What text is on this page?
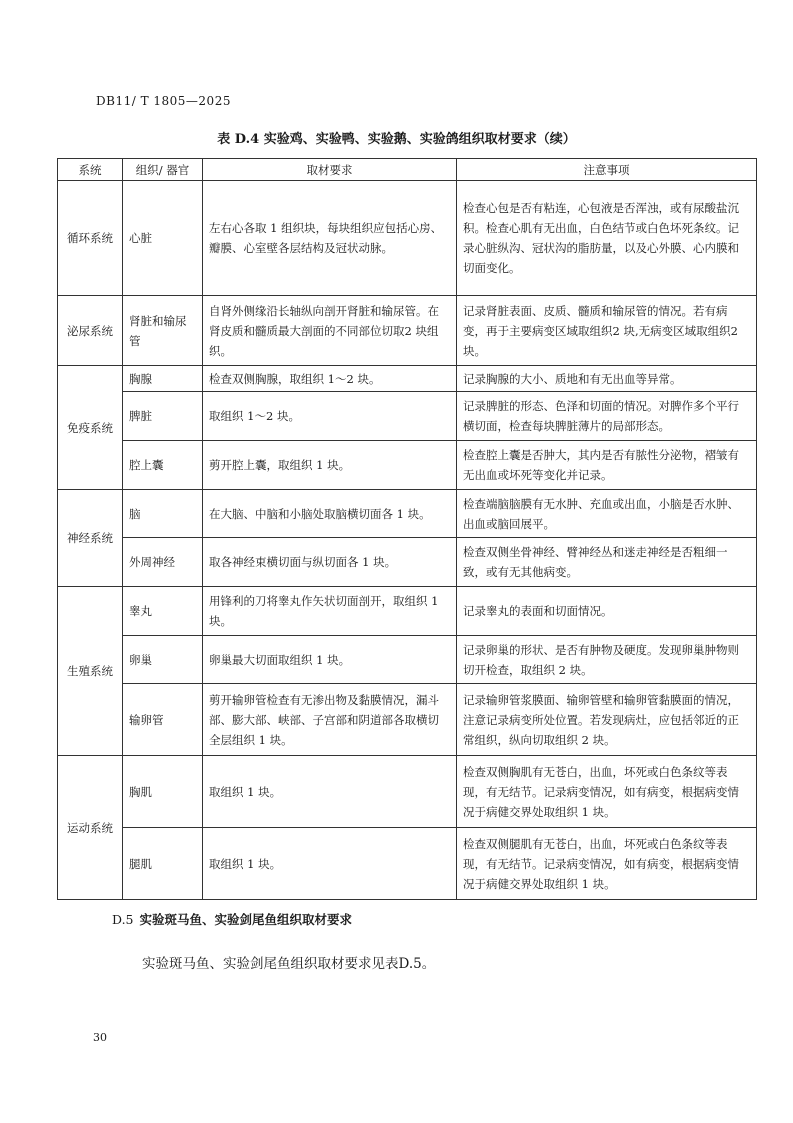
DB11/ T 1805—2025
表 D.4 实验鸡、实验鸭、实验鹅、实验鸽组织取材要求（续）
系统	组织/ 器官	取材要求	注意事项
循环系统	心脏	左右心各取 1 组织块，每块组织应包括心房、瓣膜、心室壁各层结构及冠状动脉。	检查心包是否有粘连，心包液是否浑浊，或有尿酸盐沉积。检查心肌有无出血，白色结节或白色坏死条纹。记录心脏纵沟、冠状沟的脂肪量，以及心外膜、心内膜和切面变化。
泌尿系统	肾脏和输尿管	自肾外侧缘沿长轴纵向剖开肾脏和输尿管。在肾皮质和髓质最大剖面的不同部位切取2 块组织。	记录肾脏表面、皮质、髓质和输尿管的情况。若有病变，再于主要病变区域取组织2 块,无病变区域取组织2 块。
免疫系统	胸腺	检查双侧胸腺，取组织 1～2 块。	记录胸腺的大小、质地和有无出血等异常。
	脾脏	取组织 1～2 块。	记录脾脏的形态、色泽和切面的情况。对脾作多个平行横切面，检查每块脾脏薄片的局部形态。
	腔上囊	剪开腔上囊，取组织 1 块。	检查腔上囊是否肿大，其内是否有脓性分泌物，褶皱有无出血或坏死等变化并记录。
神经系统	脑	在大脑、中脑和小脑处取脑横切面各 1 块。	检查端脑脑膜有无水肿、充血或出血，小脑是否水肿、出血或脑回展平。
	外周神经	取各神经束横切面与纵切面各 1 块。	检查双侧坐骨神经、臂神经丛和迷走神经是否粗细一致，或有无其他病变。
生殖系统	睾丸	用锋利的刀将睾丸作矢状切面剖开，取组织 1 块。	记录睾丸的表面和切面情况。
	卵巢	卵巢最大切面取组织 1 块。	记录卵巢的形状、是否有肿物及硬度。发现卵巢肿物则切开检查，取组织 2 块。
	输卵管	剪开输卵管检查有无渗出物及黏膜情况，漏斗部、膨大部、峡部、子宫部和阴道部各取横切全层组织 1 块。	记录输卵管浆膜面、输卵管壁和输卵管黏膜面的情况，注意记录病变所处位置。若发现病灶，应包括邻近的正常组织，纵向切取组织 2 块。
运动系统	胸肌	取组织 1 块。	检查双侧胸肌有无苍白，出血，坏死或白色条纹等表现，有无结节。记录病变情况，如有病变，根据病变情况于病健交界处取组织 1 块。
	腿肌	取组织 1 块。	检查双侧腿肌有无苍白，出血，坏死或白色条纹等表现，有无结节。记录病变情况，如有病变，根据病变情况于病健交界处取组织 1 块。
D.5 实验斑马鱼、实验剑尾鱼组织取材要求
实验斑马鱼、实验剑尾鱼组织取材要求见表D.5。
30
